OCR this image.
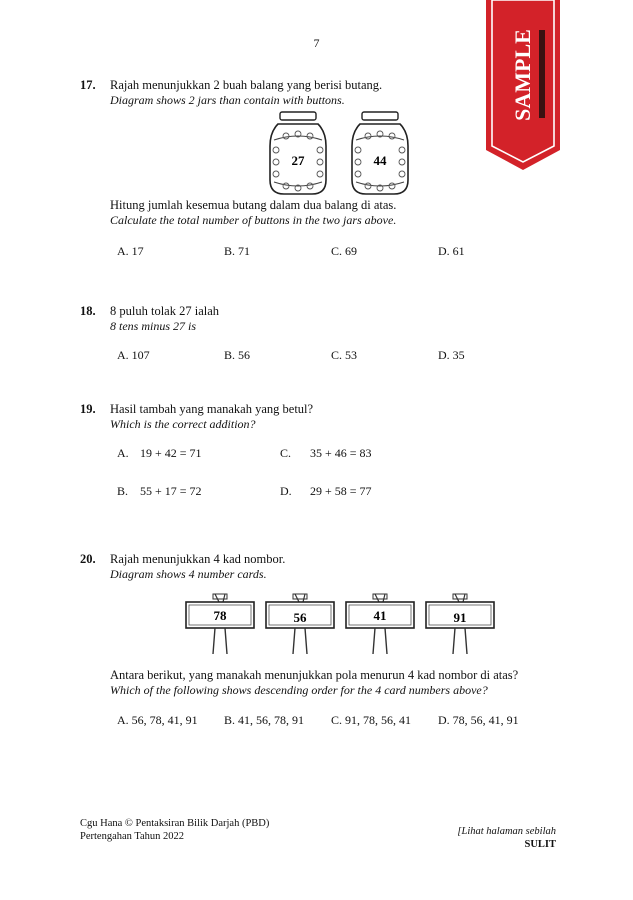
7	SAMPLE
17. Rajah menunjukkan 2 buah balang yang berisi butang.
Diagram shows 2 jars than contain with buttons.
27	44
Hitung jumlah kesemua butang dalam dua balang di atas.
Calculate the total number of buttons in the two jars above.
A. 17	B. 71	C. 69	D. 61
18. 8 puluh tolak 27 ialah
8 tens minus 27 is
A. 107	B. 56	C. 53	D. 35
19. Hasil tambah yang manakah yang betul?
Which is the correct addition?
A. 19 + 42 = 71	C. 35 + 46 = 83
B. 55 + 17 = 72	D. 29 + 58 = 77
20. Rajah menunjukkan 4 kad nombor.
Diagram shows 4 number cards.
78	56	41	91
Antara berikut, yang manakah menunjukkan pola menurun 4 kad nombor di atas?
Which of the following shows descending order for the 4 card numbers above?
A. 56, 78, 41, 91 B. 41, 56, 78, 91 C. 91, 78, 56, 41 D. 78, 56, 41, 91
Cgu Hana © Pentaksiran Bilik Darjah (PBD)
Pertengahan Tahun 2022	[Lihat halaman sebilah
SULIT
